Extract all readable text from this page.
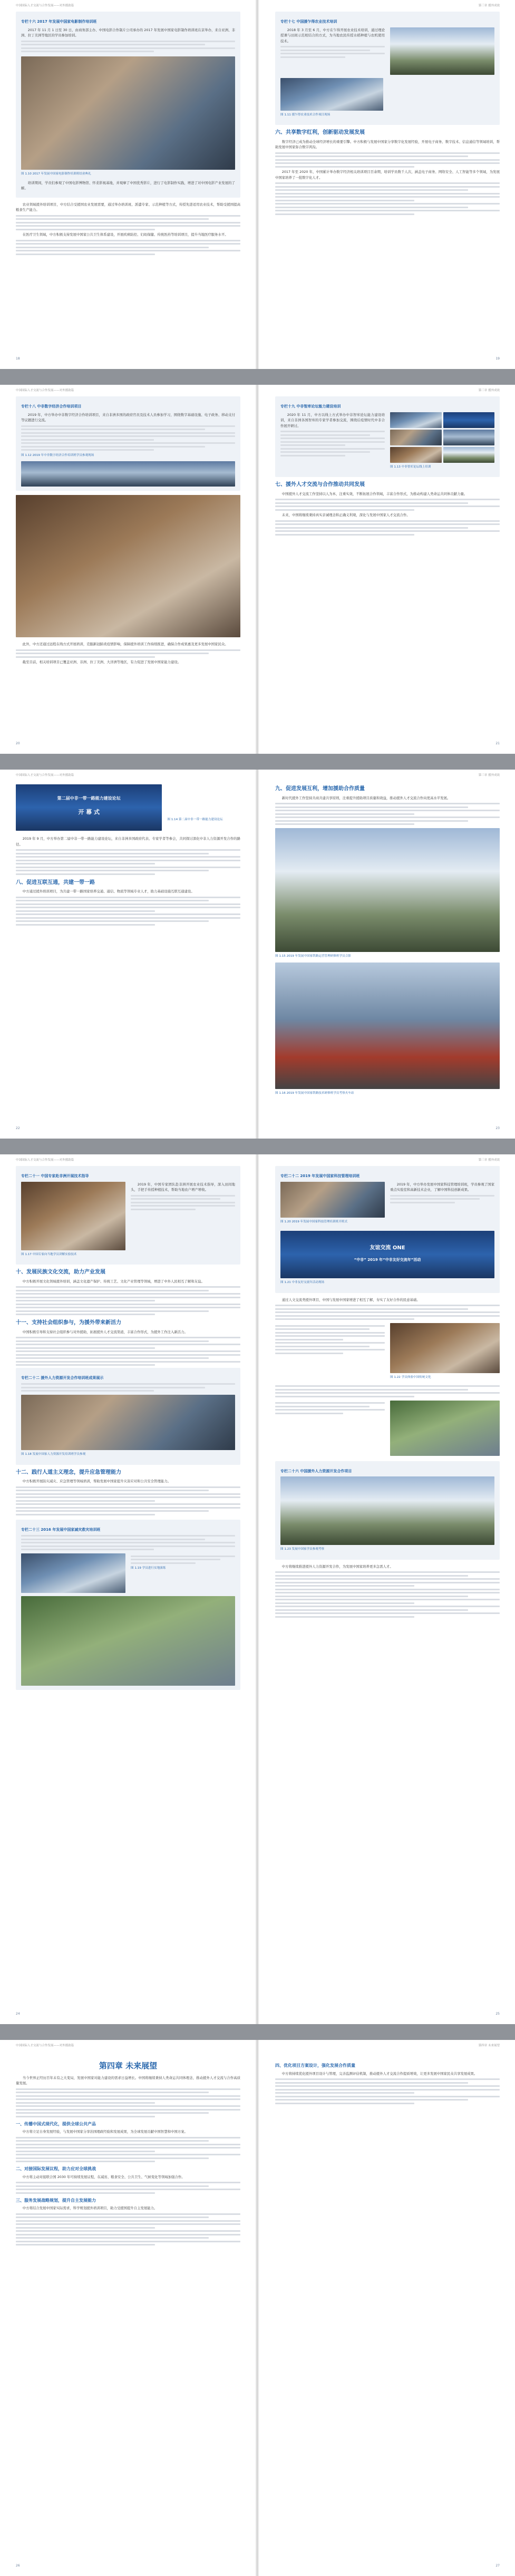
中国国际人才交流与合作发展——对外援助篇
专栏十六 2017 年发展中国家电影制作培训班

2017 年 11 月 1 日至 30 日，由商务部主办、中国电影合作制片公司承办的 2017 年发展中国家电影制作培训班在京举办，来自亚洲、非洲、拉丁美洲等地区的学员参加培训。

图 1.10 2017 年发展中国家电影制作培训班结业典礼

培训期间，学员们参观了中国电影博物馆、怀柔影视基地，并观摩了中国优秀影片，进行了电影制作实践，增进了对中国电影产业发展的了解。

农业领域援外培训项目，中方结合受援国农业发展需要，通过举办培训班、派遣专家、示范种植等方式，传授先进适用农业技术，帮助受援国提高粮食生产能力。

在医疗卫生领域，中方积极支持发展中国家公共卫生体系建设，开展疾病防控、妇幼保健、传统医药等培训项目，提升当地医疗服务水平。

18
第三章 援外成效
专栏十七 中国援乍得农业技术培训

2018 年 3 月至 6 月，中方在乍得开展农业技术培训，通过理论授课与田间示范相结合的方式，为当地农民传授水稻种植与农机使用技术。

图 1.11 援乍得农业技术合作项目现场
六、共享数字红利，创新驱动发展发展

数字经济已成为推动全球经济增长的重要引擎。中方积极与发展中国家分享数字化发展经验，开展电子商务、数字技术、信息通信等领域培训，帮助发展中国家弥合数字鸿沟。

2017 年至 2020 年，中国累计举办数字经济相关培训项目百余期，培训学员数千人次，涵盖电子商务、网络安全、人工智能等多个领域，为发展中国家培养了一批数字化人才。

19
中国国际人才交流与合作发展——对外援助篇
专栏十八 中非数字经济合作培训项目

2019 年，中方举办中非数字经济合作培训项目，来自非洲多国的政府官员及技术人员参加学习，围绕数字基础设施、电子政务、移动支付等议题进行交流。

图 1.12 2019 年中非数字经济合作培训班学员参观现场

此外，中方还通过远程在线方式开展培训，克服新冠肺炎疫情影响，保障援外培训工作持续推进，确保合作成果惠及更多发展中国家民众。

截至目前，相关培训项目已覆盖亚洲、非洲、拉丁美洲、大洋洲等地区，有力促进了发展中国家能力建设。

20
第三章 援外成效
专栏十九 中非智库论坛能力建设培训

2020 年 11 月，中方以线上方式举办中非智库论坛能力建设培训，来自非洲各国智库的专家学者参加交流，围绕后疫情时代中非合作展开研讨。

图 1.13 中非智库论坛线上培训
七、援外人才交流与合作推动共同发展

中国援外人才交流工作坚持以人为本，注重实效，不断拓展合作领域，丰富合作形式，为推动构建人类命运共同体贡献力量。

未来，中国将继续秉持真实亲诚理念和正确义利观，深化与发展中国家人才交流合作。

21
中国国际人才交流与合作发展——对外援助篇
第二届中非一带一路能力建设论坛
开 幕 式
图 1.14 第二届中非一带一路能力建设论坛

2019 年 9 月，中方举办第二届中非一带一路能力建设论坛，来自非洲多国政府代表、专家学者等参会，共同探讨深化中非人力资源开发合作的路径。

八、促进互联互通，共建一带一路

中方通过援外培训项目，为共建一带一路国家培养交通、通信、物流等领域专业人才，助力基础设施互联互通建设。

22
第三章 援外成效
九、促进发展互利，增加援助合作质量

新时代援外工作坚持共商共建共享原则，注重提升援助项目质量和效益，推动援外人才交流合作向更高水平发展。

图 1.15 2019 年发展中国家铁路运营管理研修班学员合影
图 1.16 2019 年发展中国家铁路技术研修班学员考察火车站
23
中国国际人才交流与合作发展——对外援助篇
专栏二十一 中国专家赴非洲开展技术指导
图 1.17 中国专家向当地学员讲解实验技术

2019 年，中国专家团队赴非洲开展农业技术指导，深入田间地头，手把手传授种植技术，帮助当地农户增产增收。

十、发展民族文化交流，助力产业发展

中方积极开展文化领域援外培训，涵盖文化遗产保护、传统工艺、文化产业管理等领域，增进了中外人民相互了解和友谊。

十一、支持社会组织参与，为援外带来新活力

中国积极引导和支持社会组织参与对外援助，拓展援外人才交流渠道，丰富合作形式，为援外工作注入新活力。

专栏二十二 援外人力资源开发合作培训班成果展示
图 1.18 发展中国家人力资源开发培训班学员参观
十二、践行人道主义理念，提升应急管理能力

中方积极开展防灾减灾、应急管理等领域培训，帮助发展中国家提升灾害应对和公共安全管理能力。

专栏二十三 2016 年发展中国家减灾救灾培训班
图 1.19 学员进行实地演练
24
第三章 援外成效
专栏二十二 2019 年发展中国家科技管理培训班
图 1.20 2019 年发展中国家科技管理培训班开班式

2019 年，中方举办发展中国家科技管理培训班，学员参观了国家重点实验室和高新技术企业，了解中国科技创新成果。

友谊交流 ONE
“中非” 2019 年“中非友好交流年”活动
图 1.21 中非友好交流年活动现场

通过人文交流类援外项目，中国与发展中国家增进了相互了解，夯实了友好合作的民意基础。

图 1.22 学员体验中国传统文化
专栏二十六 中国援外人力资源开发合作项目
图 1.23 发展中国家学员参观考察

中方将继续推进援外人力资源开发合作，为发展中国家培养更多急需人才。

25
中国国际人才交流与合作发展——对外援助篇
第四章 未来展望

当今世界正经历百年未有之大变局，发展中国家对能力建设的需求日益增长。中国将继续秉持人类命运共同体理念，推动援外人才交流与合作高质量发展。

一、传播中国式现代化，提供全球公共产品

中方将立足自身发展经验，与发展中国家分享治国理政经验和发展成果，为全球发展贡献中国智慧和中国方案。

二、对接国际发展议程，助力应对全球挑战

中方将主动对接联合国 2030 年可持续发展议程，在减贫、粮食安全、公共卫生、气候变化等领域加强合作。

三、服务发展战略规划，提升自主发展能力

中方将结合发展中国家实际需求，科学规划援外培训项目，助力受援国提升自主发展能力。

26
第四章 未来展望
四、优化项目方案设计，强化发展合作质量

中方将持续优化援外项目设计与管理，完善监测评估机制，推动援外人才交流合作提质增效，让更多发展中国家民众共享发展成果。

27
